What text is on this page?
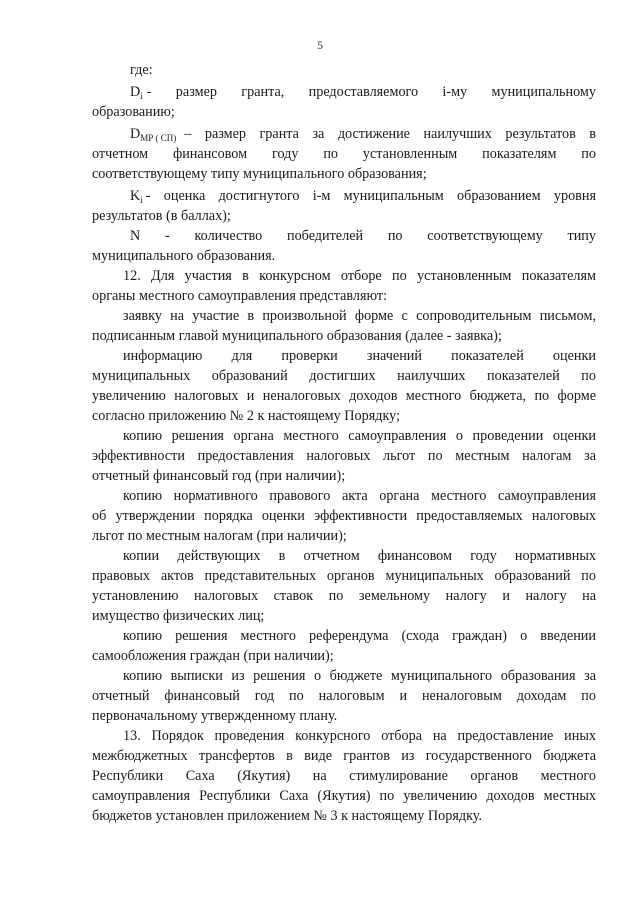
5
где:
D i - размер гранта, предоставляемого i-му муниципальному
образованию;
D МР ( СП) – размер гранта за достижение наилучших результатов в
отчетном финансовом году по установленным показателям по
соответствующему типу муниципального образования;
K i - оценка достигнутого i-м муниципальным образованием уровня
результатов (в баллах);
N - количество победителей по соответствующему типу
муниципального образования.
12. Для участия в конкурсном отборе по установленным показателям
органы местного самоуправления представляют:
заявку на участие в произвольной форме с сопроводительным письмом,
подписанным главой муниципального образования (далее - заявка);
информацию для проверки значений показателей оценки
муниципальных образований достигших наилучших показателей по
увеличению налоговых и неналоговых доходов местного бюджета, по форме
согласно приложению № 2 к настоящему Порядку;
копию решения органа местного самоуправления о проведении оценки
эффективности предоставления налоговых льгот по местным налогам за
отчетный финансовый год (при наличии);
копию нормативного правового акта органа местного самоуправления
об утверждении порядка оценки эффективности предоставляемых налоговых
льгот по местным налогам (при наличии);
копии действующих в отчетном финансовом году нормативных
правовых актов представительных органов муниципальных образований по
установлению налоговых ставок по земельному налогу и налогу на
имущество физических лиц;
копию решения местного референдума (схода граждан) о введении
самообложения граждан (при наличии);
копию выписки из решения о бюджете муниципального образования за
отчетный финансовый год по налоговым и неналоговым доходам по
первоначальному утвержденному плану.
13. Порядок проведения конкурсного отбора на предоставление иных
межбюджетных трансфертов в виде грантов из государственного бюджета
Республики Саха (Якутия) на стимулирование органов местного
самоуправления Республики Саха (Якутия) по увеличению доходов местных
бюджетов установлен приложением № 3 к настоящему Порядку.
